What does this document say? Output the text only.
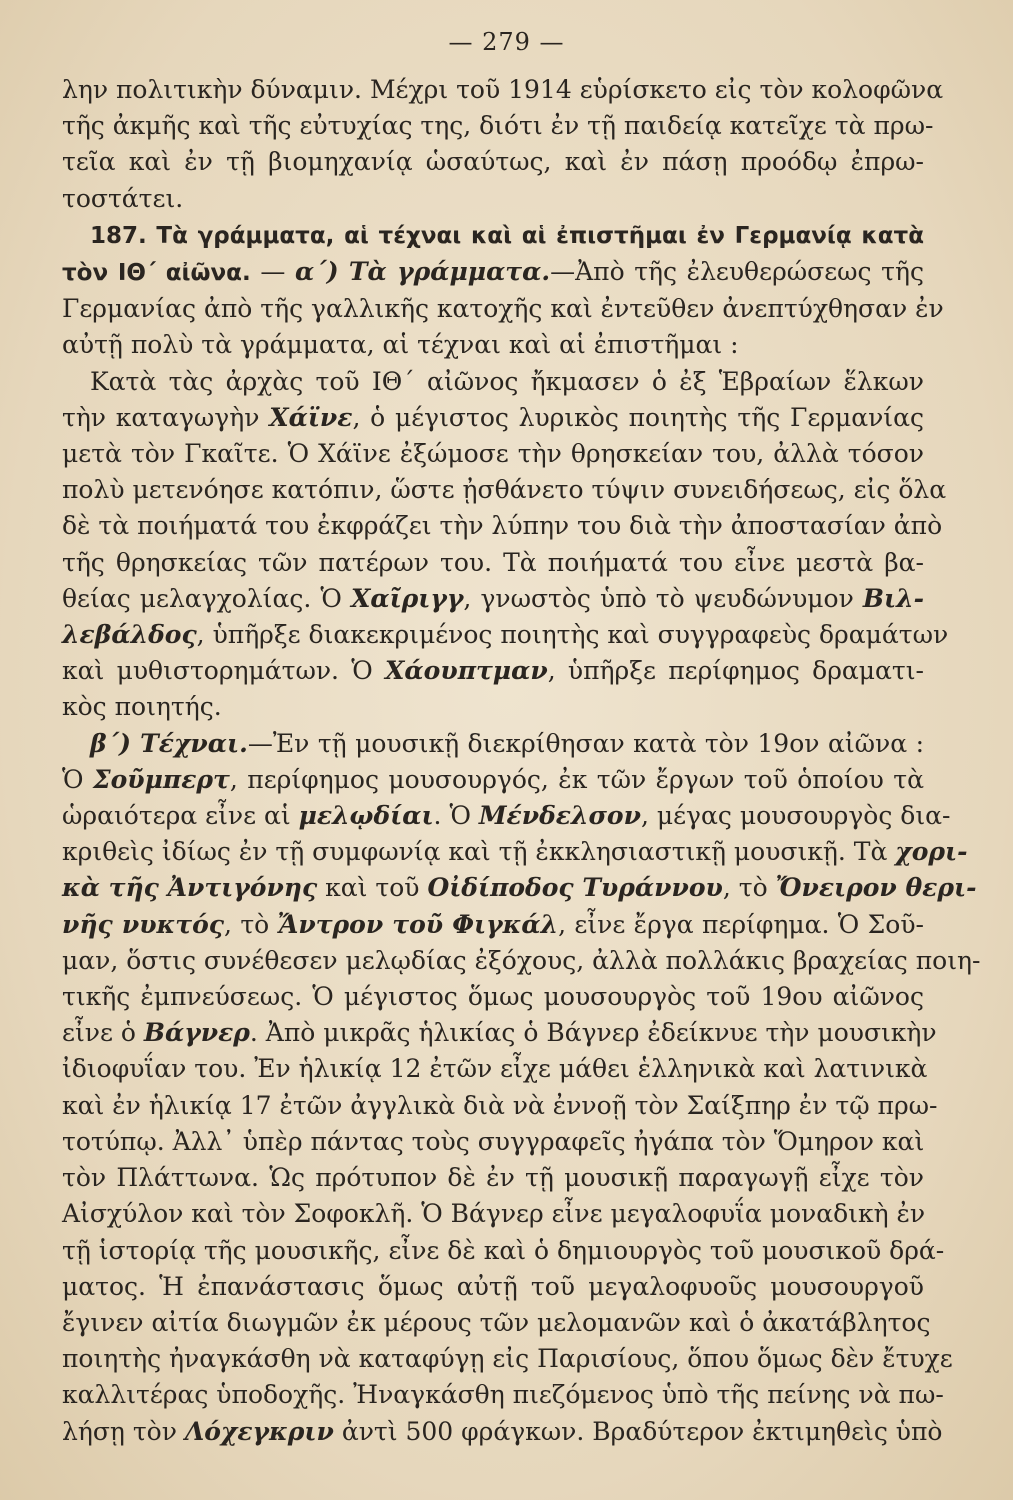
— 279 —
λην πολιτικὴν δύναμιν. Μέχρι τοῦ 1914 εὑρίσκετο εἰς τὸν κολοφῶνα
τῆς ἀκμῆς καὶ τῆς εὐτυχίας της, διότι ἐν τῇ παιδείᾳ κατεῖχε τὰ πρω-
τεῖα καὶ ἐν τῇ βιομηχανίᾳ ὡσαύτως, καὶ ἐν πάσῃ προόδῳ ἐπρω-
τοστάτει.
187. Τὰ γράμματα, αἱ τέχναι καὶ αἱ ἐπιστῆμαι ἐν Γερμανίᾳ κατὰ
τὸν ΙΘ΄ αἰῶνα. — α΄) Τὰ γράμματα.—Ἀπὸ τῆς ἐλευθερώσεως τῆς
Γερμανίας ἀπὸ τῆς γαλλικῆς κατοχῆς καὶ ἐντεῦθεν ἀνεπτύχθησαν ἐν
αὐτῇ πολὺ τὰ γράμματα, αἱ τέχναι καὶ αἱ ἐπιστῆμαι :
Κατὰ τὰς ἀρχὰς τοῦ ΙΘ΄ αἰῶνος ἤκμασεν ὁ ἐξ Ἑβραίων ἕλκων
τὴν καταγωγὴν Χάϊνε, ὁ μέγιστος λυρικὸς ποιητὴς τῆς Γερμανίας
μετὰ τὸν Γκαῖτε. Ὁ Χάϊνε ἐξώμοσε τὴν θρησκείαν του, ἀλλὰ τόσον
πολὺ μετενόησε κατόπιν, ὥστε ᾐσθάνετο τύψιν συνειδήσεως, εἰς ὅλα
δὲ τὰ ποιήματά του ἐκφράζει τὴν λύπην του διὰ τὴν ἀποστασίαν ἀπὸ
τῆς θρησκείας τῶν πατέρων του. Τὰ ποιήματά του εἶνε μεστὰ βα-
θείας μελαγχολίας. Ὁ Χαῖριγγ, γνωστὸς ὑπὸ τὸ ψευδώνυμον Βιλ-
λεβάλδος, ὑπῆρξε διακεκριμένος ποιητὴς καὶ συγγραφεὺς δραμάτων
καὶ μυθιστορημάτων. Ὁ Χάουπτμαν, ὑπῆρξε περίφημος δραματι-
κὸς ποιητής.
β΄) Τέχναι.—Ἐν τῇ μουσικῇ διεκρίθησαν κατὰ τὸν 19ον αἰῶνα :
Ὁ Σοῦμπερτ, περίφημος μουσουργός, ἐκ τῶν ἔργων τοῦ ὁποίου τὰ
ὡραιότερα εἶνε αἱ μελῳδίαι. Ὁ Μένδελσον, μέγας μουσουργὸς δια-
κριθεὶς ἰδίως ἐν τῇ συμφωνίᾳ καὶ τῇ ἐκκλησιαστικῇ μουσικῇ. Τὰ χορι-
κὰ τῆς Ἀντιγόνης καὶ τοῦ Οἰδίποδος Τυράννου, τὸ Ὄνειρον θερι-
νῆς νυκτός, τὸ Ἄντρον τοῦ Φιγκάλ, εἶνε ἔργα περίφημα. Ὁ Σοῦ-
μαν, ὅστις συνέθεσεν μελῳδίας ἐξόχους, ἀλλὰ πολλάκις βραχείας ποιη-
τικῆς ἐμπνεύσεως. Ὁ μέγιστος ὅμως μουσουργὸς τοῦ 19ου αἰῶνος
εἶνε ὁ Βάγνερ. Ἀπὸ μικρᾶς ἡλικίας ὁ Βάγνερ ἐδείκνυε τὴν μουσικὴν
ἰδιοφυΐαν του. Ἐν ἡλικίᾳ 12 ἐτῶν εἶχε μάθει ἑλληνικὰ καὶ λατινικὰ
καὶ ἐν ἡλικίᾳ 17 ἐτῶν ἀγγλικὰ διὰ νὰ ἐννοῇ τὸν Σαίξπηρ ἐν τῷ πρω-
τοτύπῳ. Ἀλλ᾽ ὑπὲρ πάντας τοὺς συγγραφεῖς ἠγάπα τὸν Ὅμηρον καὶ
τὸν Πλάττωνα. Ὡς πρότυπον δὲ ἐν τῇ μουσικῇ παραγωγῇ εἶχε τὸν
Αἰσχύλον καὶ τὸν Σοφοκλῆ. Ὁ Βάγνερ εἶνε μεγαλοφυΐα μοναδικὴ ἐν
τῇ ἱστορίᾳ τῆς μουσικῆς, εἶνε δὲ καὶ ὁ δημιουργὸς τοῦ μουσικοῦ δρά-
ματος. Ἡ ἐπανάστασις ὅμως αὐτῇ τοῦ μεγαλοφυοῦς μουσουργοῦ
ἔγινεν αἰτία διωγμῶν ἐκ μέρους τῶν μελομανῶν καὶ ὁ ἀκατάβλητος
ποιητὴς ἠναγκάσθη νὰ καταφύγῃ εἰς Παρισίους, ὅπου ὅμως δὲν ἔτυχε
καλλιτέρας ὑποδοχῆς. Ἠναγκάσθη πιεζόμενος ὑπὸ τῆς πείνης νὰ πω-
λήσῃ τὸν Λόχεγκριν ἀντὶ 500 φράγκων. Βραδύτερον ἐκτιμηθεὶς ὑπὸ
